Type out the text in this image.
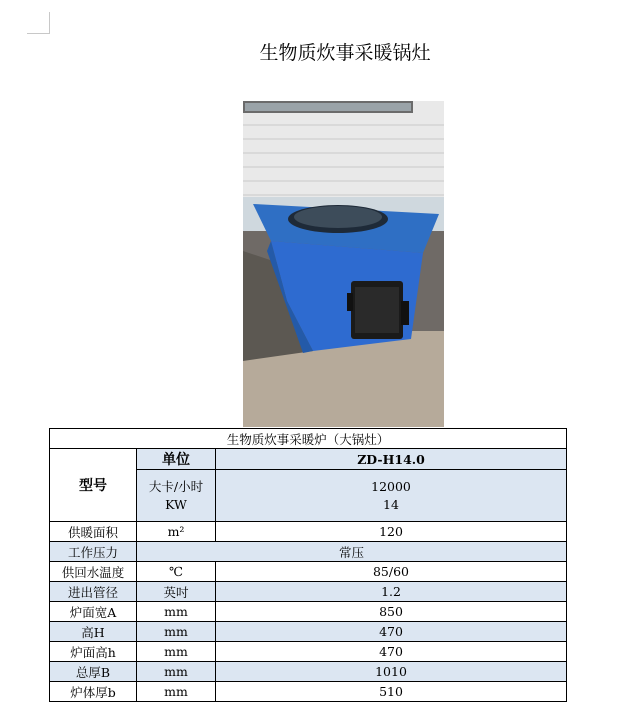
生物质炊事采暖锅灶
生物质炊事采暖炉（大锅灶）		
型号	单位	ZD-H14.0
	大卡/小时KW	12000
14

供暖面积	m²	120
工作压力	常压	
供回水温度	℃	85/60
进出管径	英吋	1.2
炉面宽A	mm	850
高H	mm	470
炉面高h	mm	470
总厚B	mm	1010
炉体厚b	mm	510
